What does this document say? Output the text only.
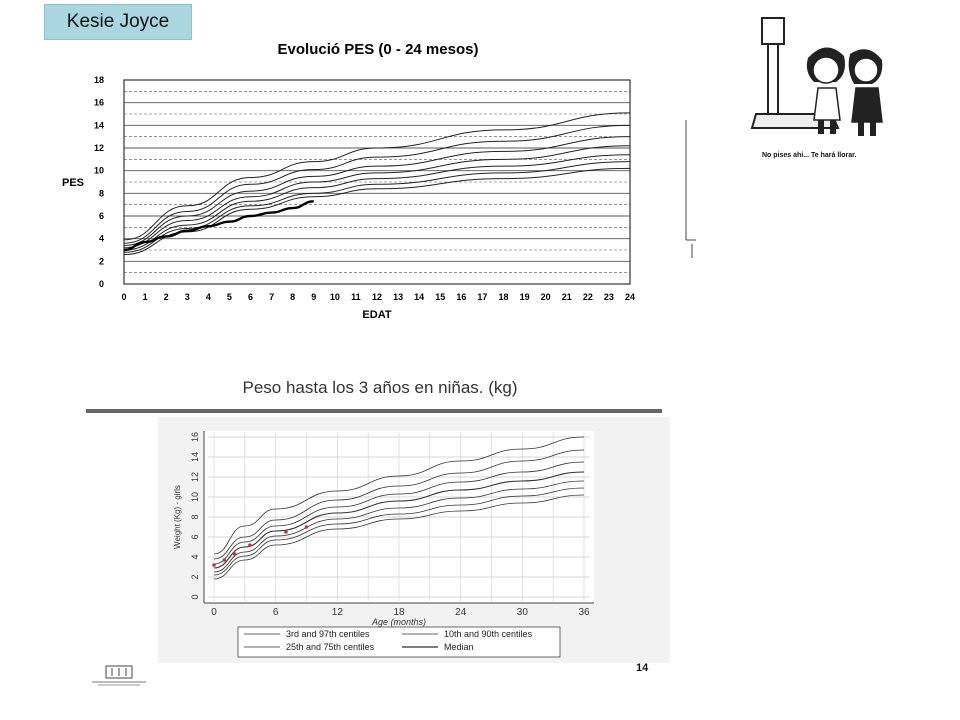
Kesie Joyce
No pises ahí... Te hará llorar.
Evolució PES (0 - 24 mesos)
0
2
4
6
8
10
12
14
16
18
0 1 2 3 4 5 6 7 8 9 10 11 12 13 14 15 16 17 18 19 20 21 22 23 24
EDAT
PES
Peso hasta los 3 años en niñas. (kg)
0
2
4
6
8
10
12
14
16
0	6	12	18	24	30	36
Age (months)
Weight (Kg) - girls
3rd and 97th centiles	10th and 90th centiles
25th and 75th centiles	Median
14
